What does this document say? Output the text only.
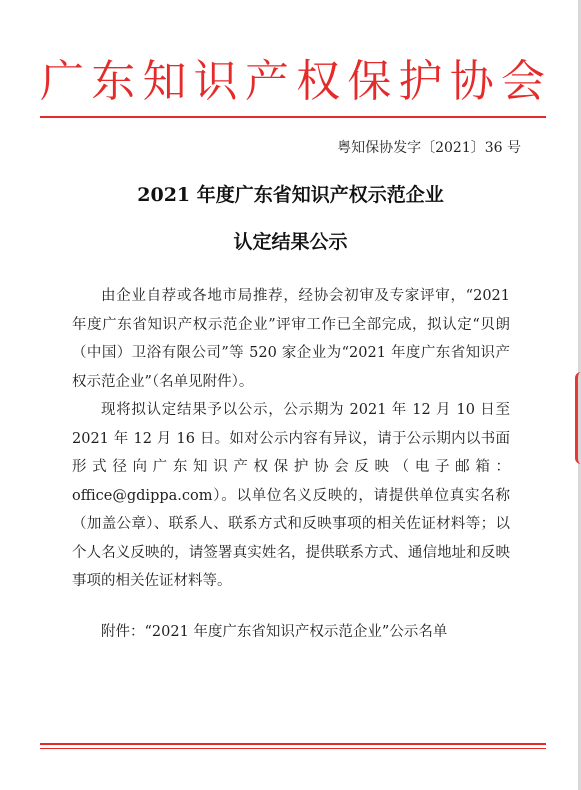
广东知识产权保护协会
粤知保协发字〔2021〕36 号
2021 年度广东省知识产权示范企业
认定结果公示

由企业自荐或各地市局推荐，经协会初审及专家评审，“2021 年度广东省知识产权示范企业”评审工作已全部完成，拟认定“贝朗（中国）卫浴有限公司”等 520 家企业为“2021 年度广东省知识产权示范企业”（名单见附件）。

现将拟认定结果予以公示，公示期为 2021 年 12 月 10 日至 2021 年 12 月 16 日。如对公示内容有异议，请于公示期内以书面形式径向广东知识产权保护协会反映（电子邮箱：office@gdippa.com）。以单位名义反映的，请提供单位真实名称（加盖公章）、联系人、联系方式和反映事项的相关佐证材料等；以个人名义反映的，请签署真实姓名，提供联系方式、通信地址和反映事项的相关佐证材料等。

附件：“2021 年度广东省知识产权示范企业”公示名单
